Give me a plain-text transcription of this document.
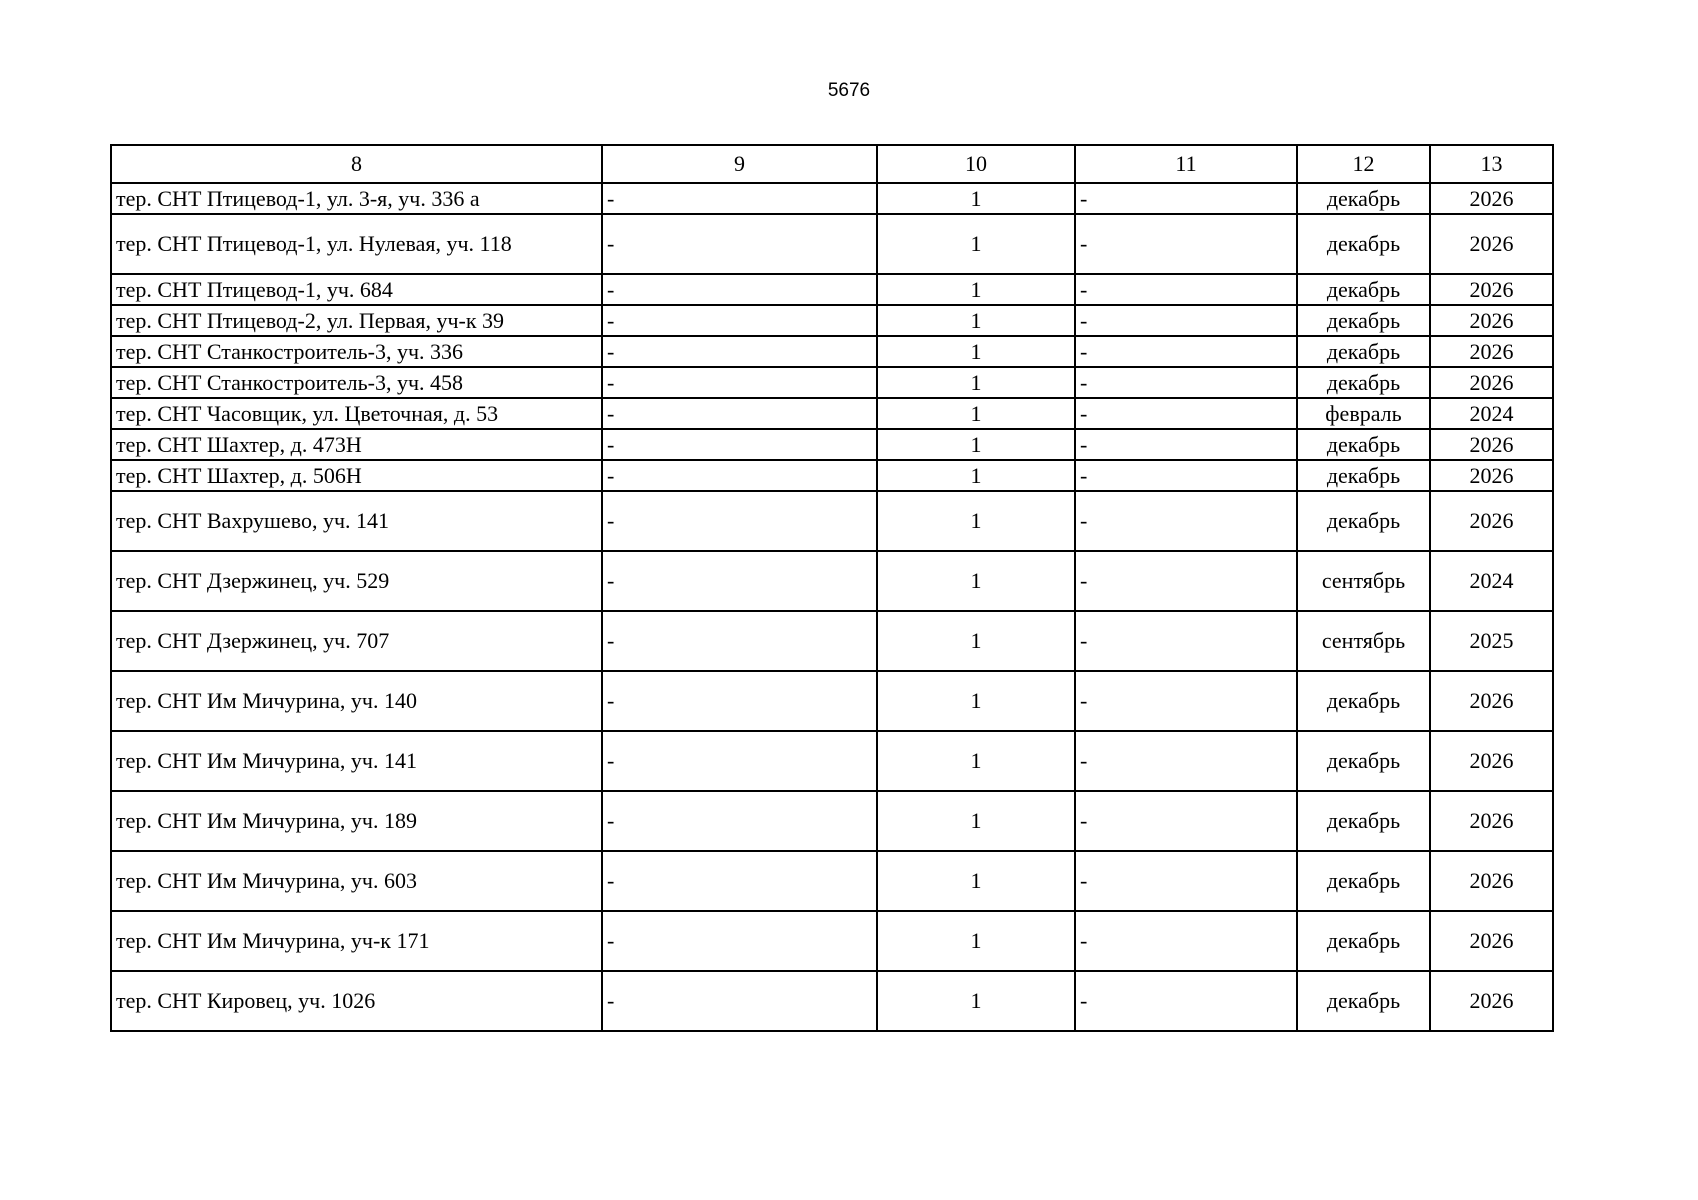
5676
8	9	10	11	12	13
тер. СНТ Птицевод-1, ул. 3-я, уч. 336 а	-	1	-	декабрь	2026
тер. СНТ Птицевод-1, ул. Нулевая, уч. 118	-	1	-	декабрь	2026
тер. СНТ Птицевод-1, уч. 684	-	1	-	декабрь	2026
тер. СНТ Птицевод-2, ул. Первая, уч-к 39	-	1	-	декабрь	2026
тер. СНТ Станкостроитель-3, уч. 336	-	1	-	декабрь	2026
тер. СНТ Станкостроитель-3, уч. 458	-	1	-	декабрь	2026
тер. СНТ Часовщик, ул. Цветочная, д. 53	-	1	-	февраль	2024
тер. СНТ Шахтер, д. 473Н	-	1	-	декабрь	2026
тер. СНТ Шахтер, д. 506Н	-	1	-	декабрь	2026
тер. СНТ Вахрушево, уч. 141	-	1	-	декабрь	2026
тер. СНТ Дзержинец, уч. 529	-	1	-	сентябрь	2024
тер. СНТ Дзержинец, уч. 707	-	1	-	сентябрь	2025
тер. СНТ Им Мичурина, уч. 140	-	1	-	декабрь	2026
тер. СНТ Им Мичурина, уч. 141	-	1	-	декабрь	2026
тер. СНТ Им Мичурина, уч. 189	-	1	-	декабрь	2026
тер. СНТ Им Мичурина, уч. 603	-	1	-	декабрь	2026
тер. СНТ Им Мичурина, уч-к 171	-	1	-	декабрь	2026
тер. СНТ Кировец, уч. 1026	-	1	-	декабрь	2026
